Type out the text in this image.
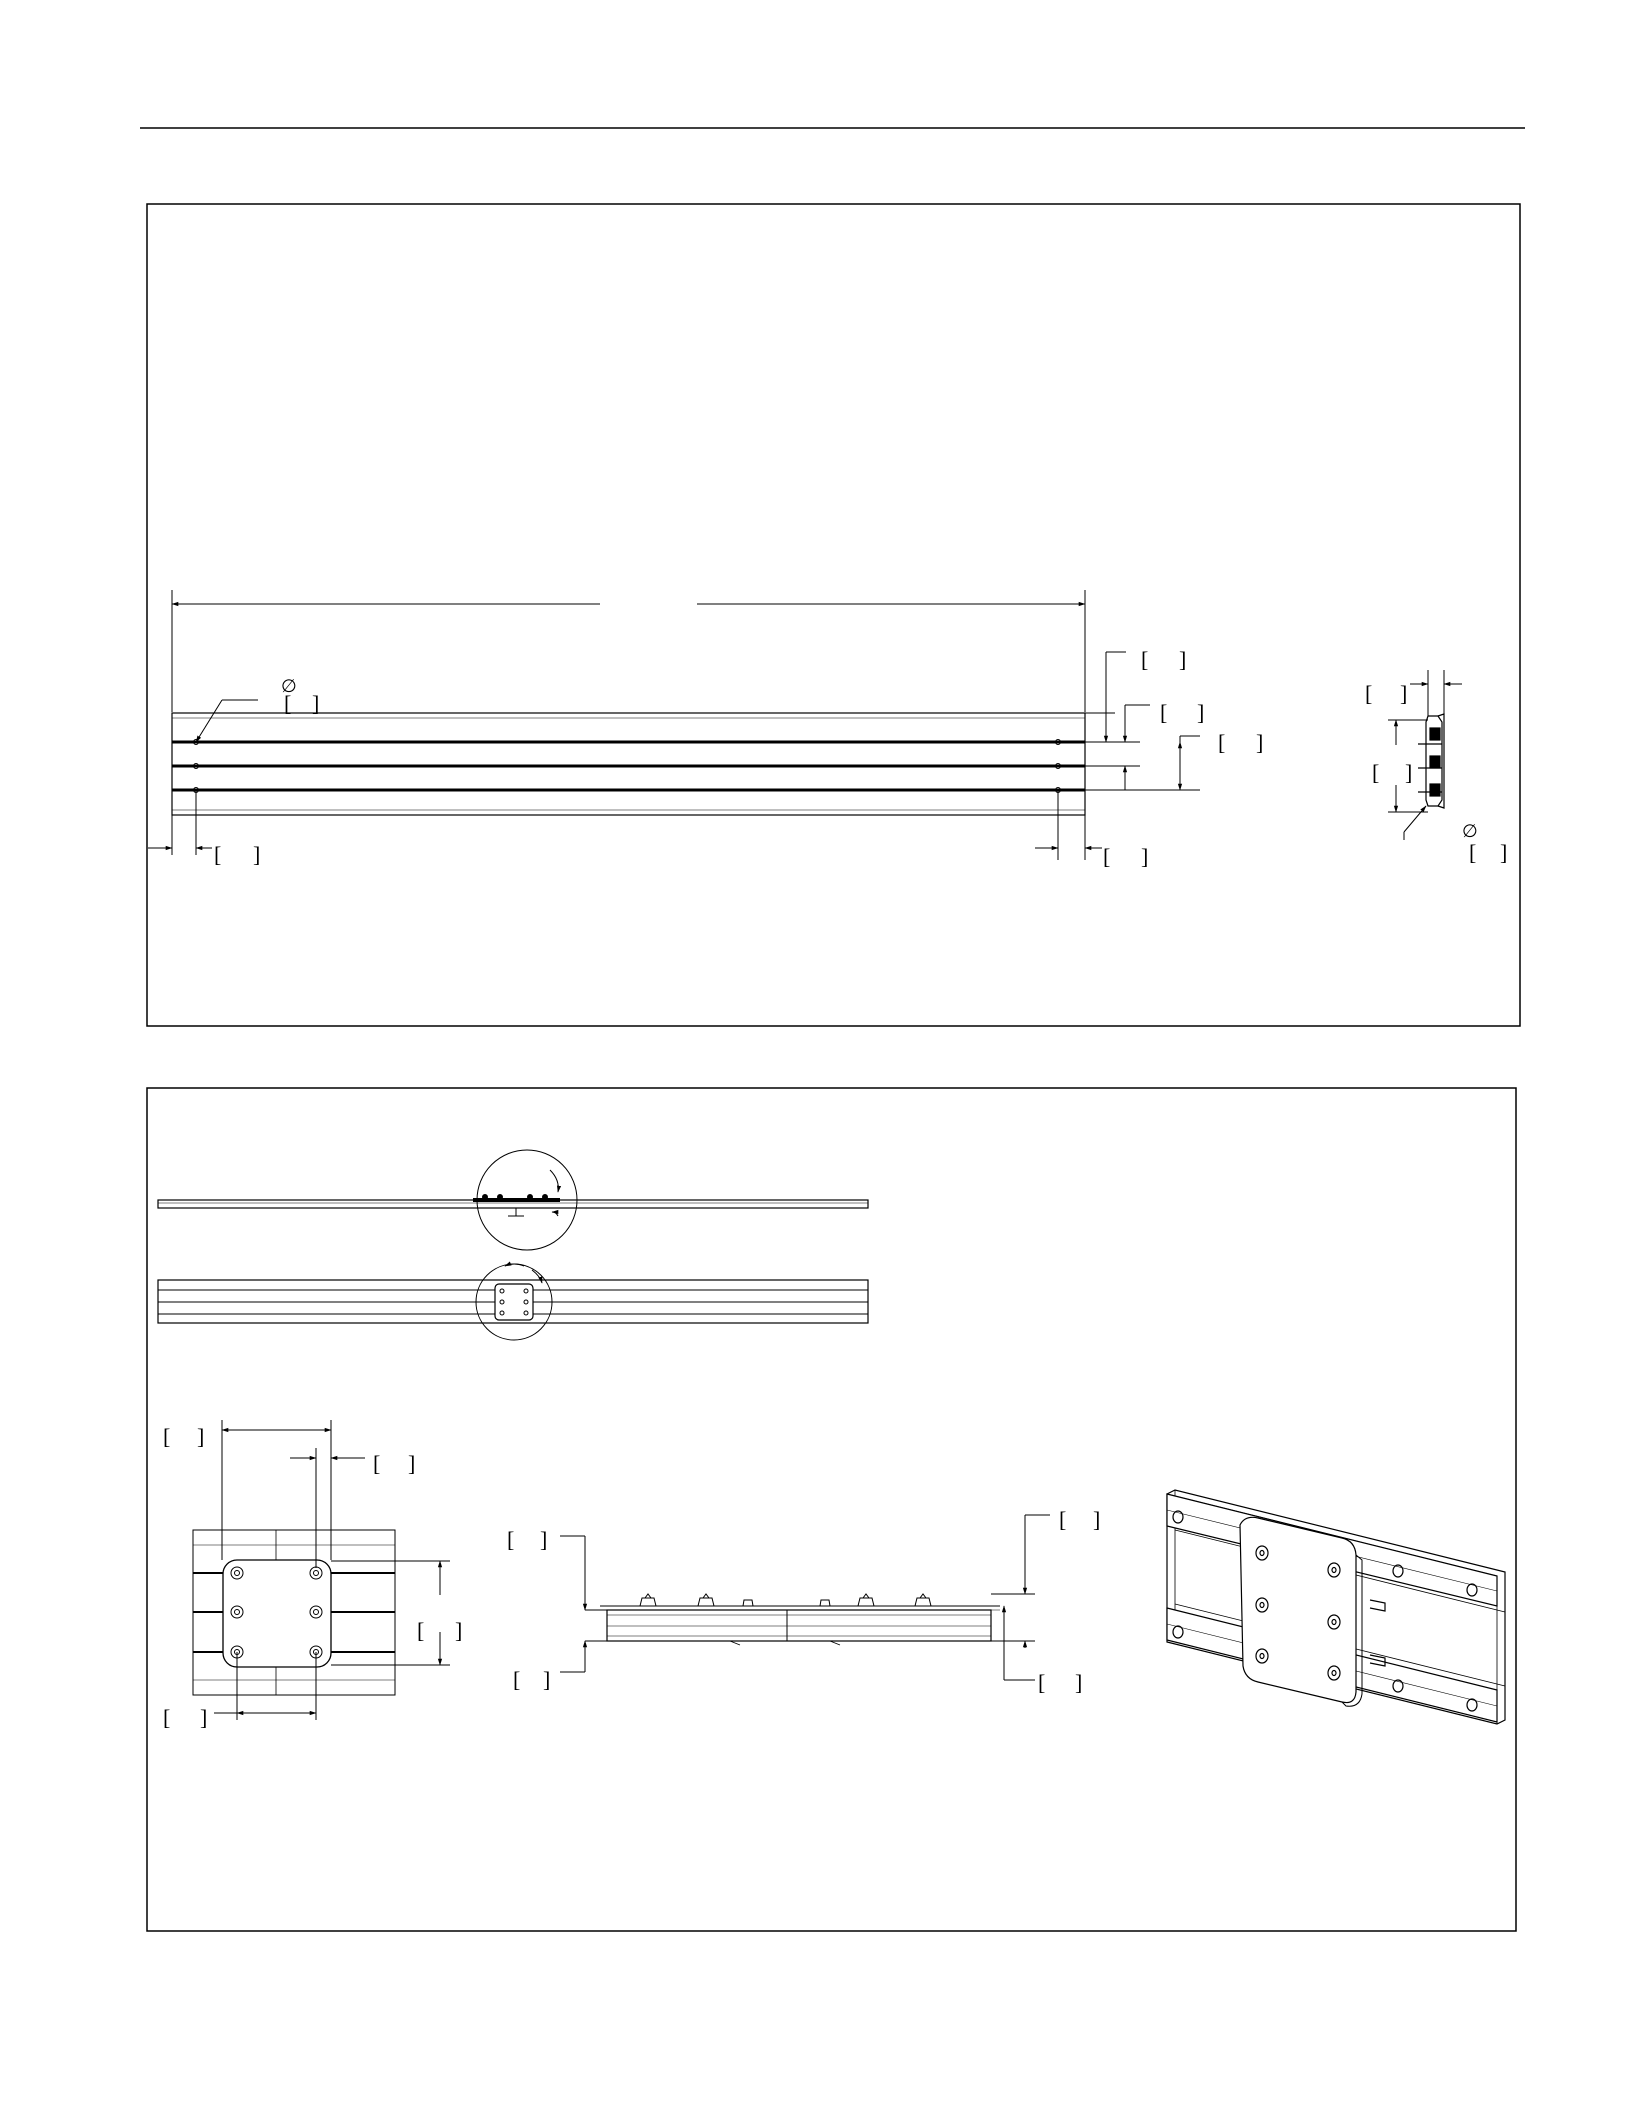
∅
[ ]
[ ]	[ ]
[ ]
[ ]
[ ]
[ ]
[ ]
∅
[ ]
[ ]
[ ]
[ ]
[ ]
[ ]
[ ]
[ ]
[ ]
